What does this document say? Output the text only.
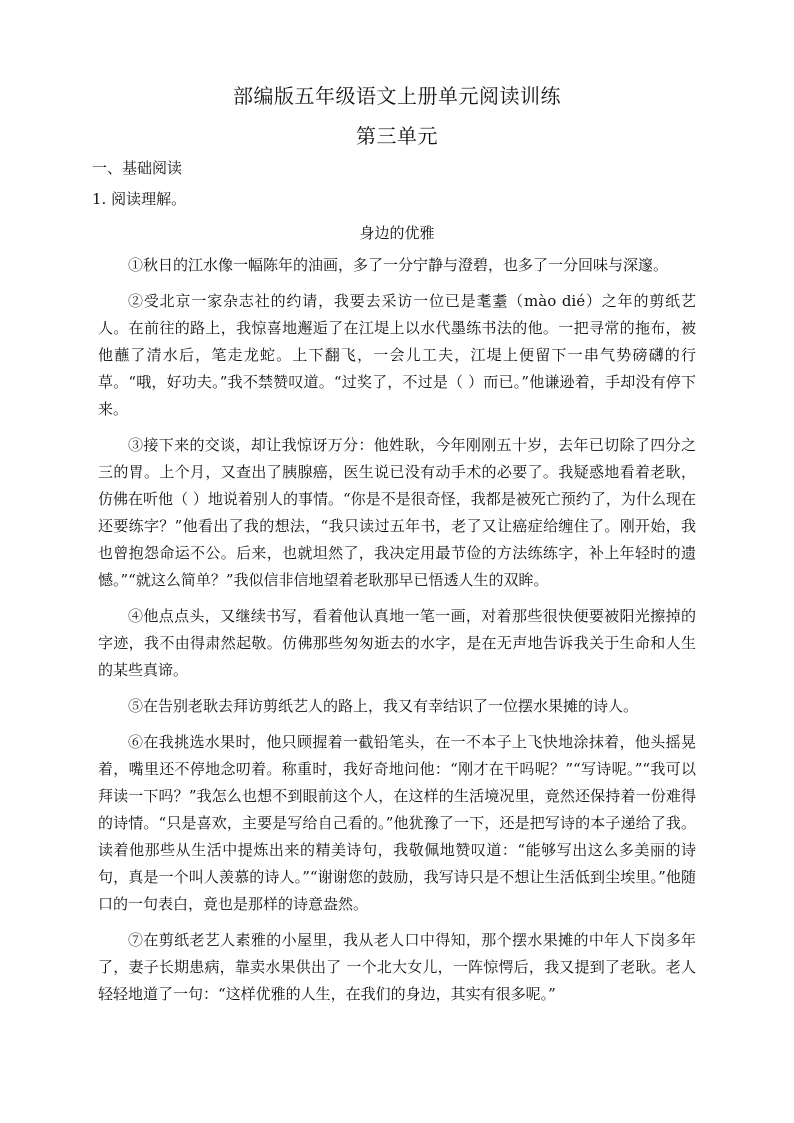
部编版五年级语文上册单元阅读训练
第三单元
一、基础阅读
1. 阅读理解。
身边的优雅

①秋日的江水像一幅陈年的油画，多了一分宁静与澄碧，也多了一分回味与深邃。

②受北京一家杂志社的约请，我要去采访一位已是耄耋（mào dié）之年的剪纸艺人。在前往的路上，我惊喜地邂逅了在江堤上以水代墨练书法的他。一把寻常的拖布，被他蘸了清水后，笔走龙蛇。上下翻飞，一会儿工夫，江堤上便留下一串气势磅礴的行草。“哦，好功夫。”我不禁赞叹道。“过奖了，不过是（ ）而已。”他谦逊着，手却没有停下来。

③接下来的交谈，却让我惊讶万分：他姓耿，今年刚刚五十岁，去年已切除了四分之三的胃。上个月，又查出了胰腺癌，医生说已没有动手术的必要了。我疑惑地看着老耿，仿佛在听他（ ）地说着别人的事情。“你是不是很奇怪，我都是被死亡预约了，为什么现在还要练字？”他看出了我的想法，“我只读过五年书，老了又让癌症给缠住了。刚开始，我也曾抱怨命运不公。后来，也就坦然了，我决定用最节俭的方法练练字，补上年轻时的遗憾。”“就这么简单？”我似信非信地望着老耿那早已悟透人生的双眸。

④他点点头，又继续书写，看着他认真地一笔一画，对着那些很快便要被阳光擦掉的字迹，我不由得肃然起敬。仿佛那些匆匆逝去的水字，是在无声地告诉我关于生命和人生的某些真谛。

⑤在告别老耿去拜访剪纸艺人的路上，我又有幸结识了一位摆水果摊的诗人。

⑥在我挑选水果时，他只顾握着一截铅笔头，在一不本子上飞快地涂抹着，他头摇晃着，嘴里还不停地念叨着。称重时，我好奇地问他：“刚才在干吗呢？”“写诗呢。”“我可以拜读一下吗？”我怎么也想不到眼前这个人，在这样的生活境况里，竟然还保持着一份难得的诗情。“只是喜欢，主要是写给自己看的。”他犹豫了一下，还是把写诗的本子递给了我。读着他那些从生活中提炼出来的精美诗句，我敬佩地赞叹道：“能够写出这么多美丽的诗句，真是一个叫人羡慕的诗人。”“谢谢您的鼓励，我写诗只是不想让生活低到尘埃里。”他随口的一句表白，竟也是那样的诗意盎然。

⑦在剪纸老艺人素雅的小屋里，我从老人口中得知，那个摆水果摊的中年人下岗多年了，妻子长期患病，靠卖水果供出了 一个北大女儿，一阵惊愕后，我又提到了老耿。老人轻轻地道了一句：“这样优雅的人生，在我们的身边，其实有很多呢。”
